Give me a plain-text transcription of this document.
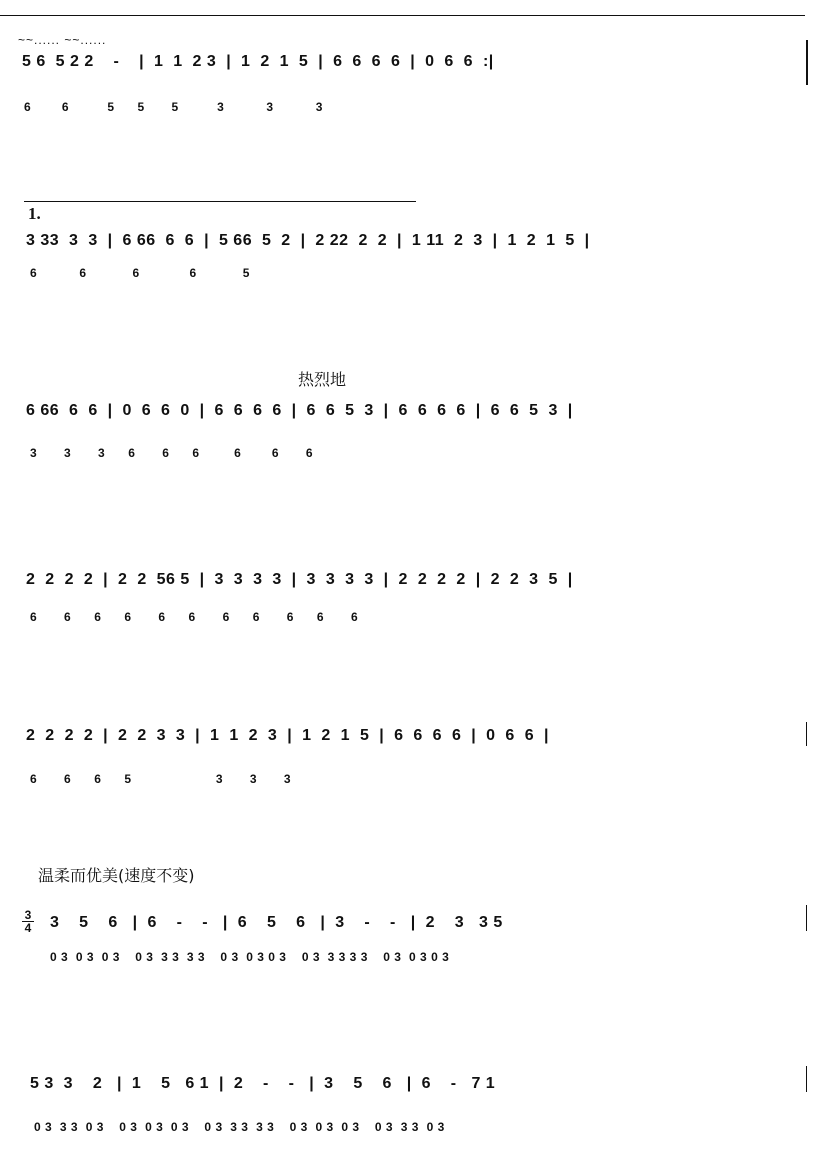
~~...... ~~......
5 6  5 2 2    -    |  1  1  2 3  |  1  2  1  5  |  6  6  6  6  |  0  6  6  :|
6        6          5      5       5          3           3           3
1.
3 33  3  3  |  6 66  6  6  |  5 66  5  2  |  2 22  2  2  |  1 11  2  3  |  1  2  1  5  |
6           6            6             6            5
热烈地
6 66  6  6  |  0  6  6  0  |  6  6  6  6  |  6  6  5  3  |  6  6  6  6  |  6  6  5  3  |
3       3       3      6       6      6         6        6       6
2  2  2  2  |  2  2  56 5  |  3  3  3  3  |  3  3  3  3  |  2  2  2  2  |  2  2  3  5  |
6       6      6      6       6      6       6      6       6      6       6
2  2  2  2  |  2  2  3  3  |  1  1  2  3  |  1  2  1  5  |  6  6  6  6  |  0  6  6  |
6       6      6      5                      3       3       3
温柔而优美(速度不变)
3
4 3    5    6   |  6    -    -   |  6    5    6   |  3    -    -   |  2    3   3 5
0 3  0 3  0 3    0 3  3 3  3 3    0 3  0 3 0 3    0 3  3 3 3 3    0 3  0 3 0 3
5 3  3    2   |  1    5   6 1  |  2    -    -   |  3    5    6   |  6    -   7 1
0 3  3 3  0 3    0 3  0 3  0 3    0 3  3 3  3 3    0 3  0 3  0 3    0 3  3 3  0 3
